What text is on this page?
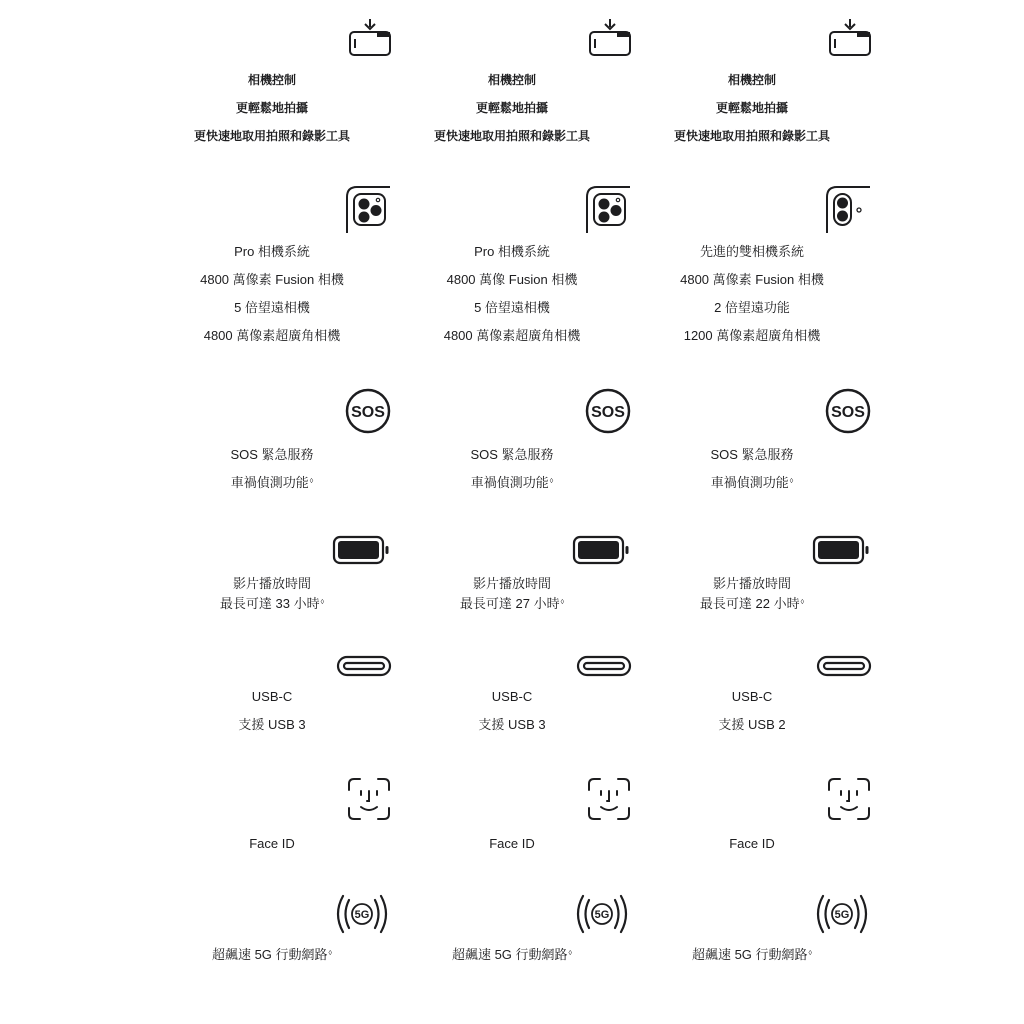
相機控制
更輕鬆地拍攝
更快速地取用拍照和錄影工具
Pro 相機系統
4800 萬像素 Fusion 相機
5 倍望遠相機
4800 萬像素超廣角相機
SOS
SOS 緊急服務
車禍偵測功能◊
影片播放時間
最長可達 33 小時◊
USB-C
支援 USB 3
Face ID
5G
超飆速 5G 行動網路◊
相機控制
更輕鬆地拍攝
更快速地取用拍照和錄影工具
Pro 相機系統
4800 萬像 Fusion 相機
5 倍望遠相機
4800 萬像素超廣角相機
SOS
SOS 緊急服務
車禍偵測功能◊
影片播放時間
最長可達 27 小時◊
USB-C
支援 USB 3
Face ID
5G
超飆速 5G 行動網路◊
相機控制
更輕鬆地拍攝
更快速地取用拍照和錄影工具
先進的雙相機系統
4800 萬像素 Fusion 相機
2 倍望遠功能
1200 萬像素超廣角相機
SOS
SOS 緊急服務
車禍偵測功能◊
影片播放時間
最長可達 22 小時◊
USB-C
支援 USB 2
Face ID
5G
超飆速 5G 行動網路◊
